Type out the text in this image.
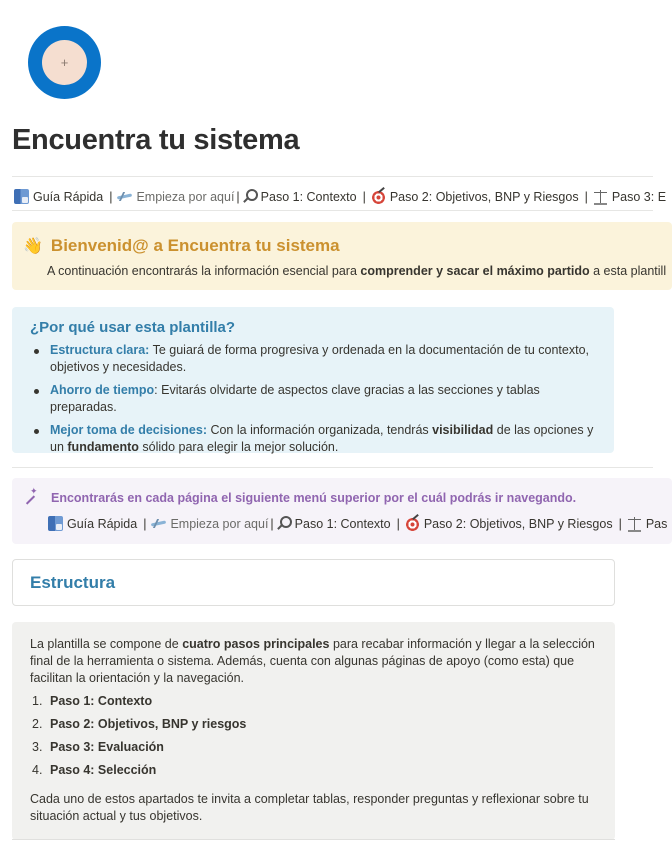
+
Encuentra tu sistema
Guía Rápida | Empieza por aquí | Paso 1: Contexto | Paso 2: Objetivos, BNP y Riesgos | Paso 3: E
👋 Bienvenid@ a Encuentra tu sistema
A continuación encontrarás la información esencial para comprender y sacar el máximo partido a esta plantill
¿Por qué usar esta plantilla?
Estructura clara: Te guiará de forma progresiva y ordenada en la documentación de tu contexto, objetivos y necesidades.
Ahorro de tiempo: Evitarás olvidarte de aspectos clave gracias a las secciones y tablas preparadas.
Mejor toma de decisiones: Con la información organizada, tendrás visibilidad de las opciones y un fundamento sólido para elegir la mejor solución.
✦
Encontrarás en cada página el siguiente menú superior por el cuál podrás ir navegando.
Guía Rápida | Empieza por aquí | Paso 1: Contexto | Paso 2: Objetivos, BNP y Riesgos | Pas
Estructura

La plantilla se compone de cuatro pasos principales para recabar información y llegar a la selección final de la herramienta o sistema. Además, cuenta con algunas páginas de apoyo (como esta) que facilitan la orientación y la navegación.

1. Paso 1: Contexto
2. Paso 2: Objetivos, BNP y riesgos
3. Paso 3: Evaluación
4. Paso 4: Selección

Cada uno de estos apartados te invita a completar tablas, responder preguntas y reflexionar sobre tu situación actual y tus objetivos.
